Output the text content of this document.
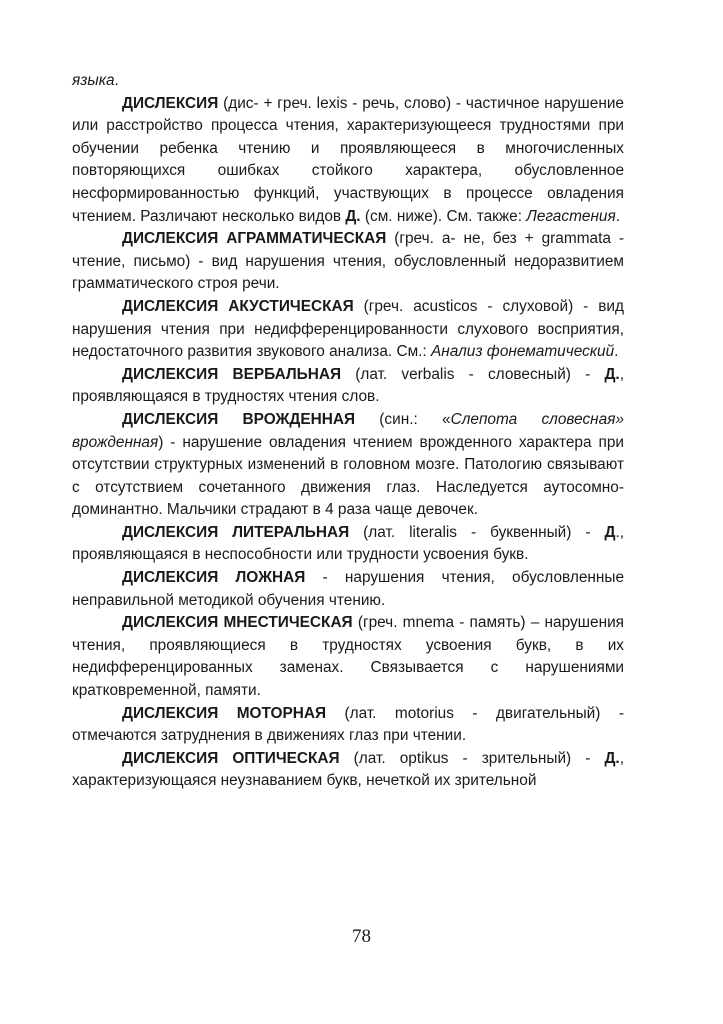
языка.

ДИСЛЕКСИЯ (дис- + греч. lexis - речь, слово) - частичное нарушение или расстройство процесса чтения, характеризующееся трудностями при обучении ребенка чтению и проявляющееся в многочисленных повторяющихся ошибках стойкого характера, обусловленное несформированностью функций, участвующих в процессе овладения чтением. Различают несколько видов Д. (см. ниже). См. также: Легастения.

ДИСЛЕКСИЯ АГРАММАТИЧЕСКАЯ (греч. а- не, без + grammata - чтение, письмо) - вид нарушения чтения, обусловленный недоразвитием грамматического строя речи.

ДИСЛЕКСИЯ АКУСТИЧЕСКАЯ (греч. acusticos - слуховой) - вид нарушения чтения при недифференцированности слухового восприятия, недостаточного развития звукового анализа. См.: Анализ фонематический.

ДИСЛЕКСИЯ ВЕРБАЛЬНАЯ (лат. verbalis - словесный) - Д., проявляющаяся в трудностях чтения слов.

ДИСЛЕКСИЯ ВРОЖДЕННАЯ (син.: «Слепота словесная» врожденная) - нарушение овладения чтением врожденного характера при отсутствии структурных изменений в головном мозге. Патологию связывают с отсутствием сочетанного движения глаз. Наследуется аутосомно-доминантно. Мальчики страдают в 4 раза чаще девочек.

ДИСЛЕКСИЯ ЛИТЕРАЛЬНАЯ (лат. literalis - буквенный) - Д., проявляющаяся в неспособности или трудности усвоения букв.

ДИСЛЕКСИЯ ЛОЖНАЯ - нарушения чтения, обусловленные неправильной методикой обучения чтению.

ДИСЛЕКСИЯ МНЕСТИЧЕСКАЯ (греч. mnema - память) – нарушения чтения, проявляющиеся в трудностях усвоения букв, в их недифференцированных заменах. Связывается с нарушениями кратковременной, памяти.

ДИСЛЕКСИЯ МОТОРНАЯ (лат. motorius - двигательный) - отмечаются затруднения в движениях глаз при чтении.

ДИСЛЕКСИЯ ОПТИЧЕСКАЯ (лат. optikus - зрительный) - Д., характеризующаяся неузнаванием букв, нечеткой их зрительной

78
